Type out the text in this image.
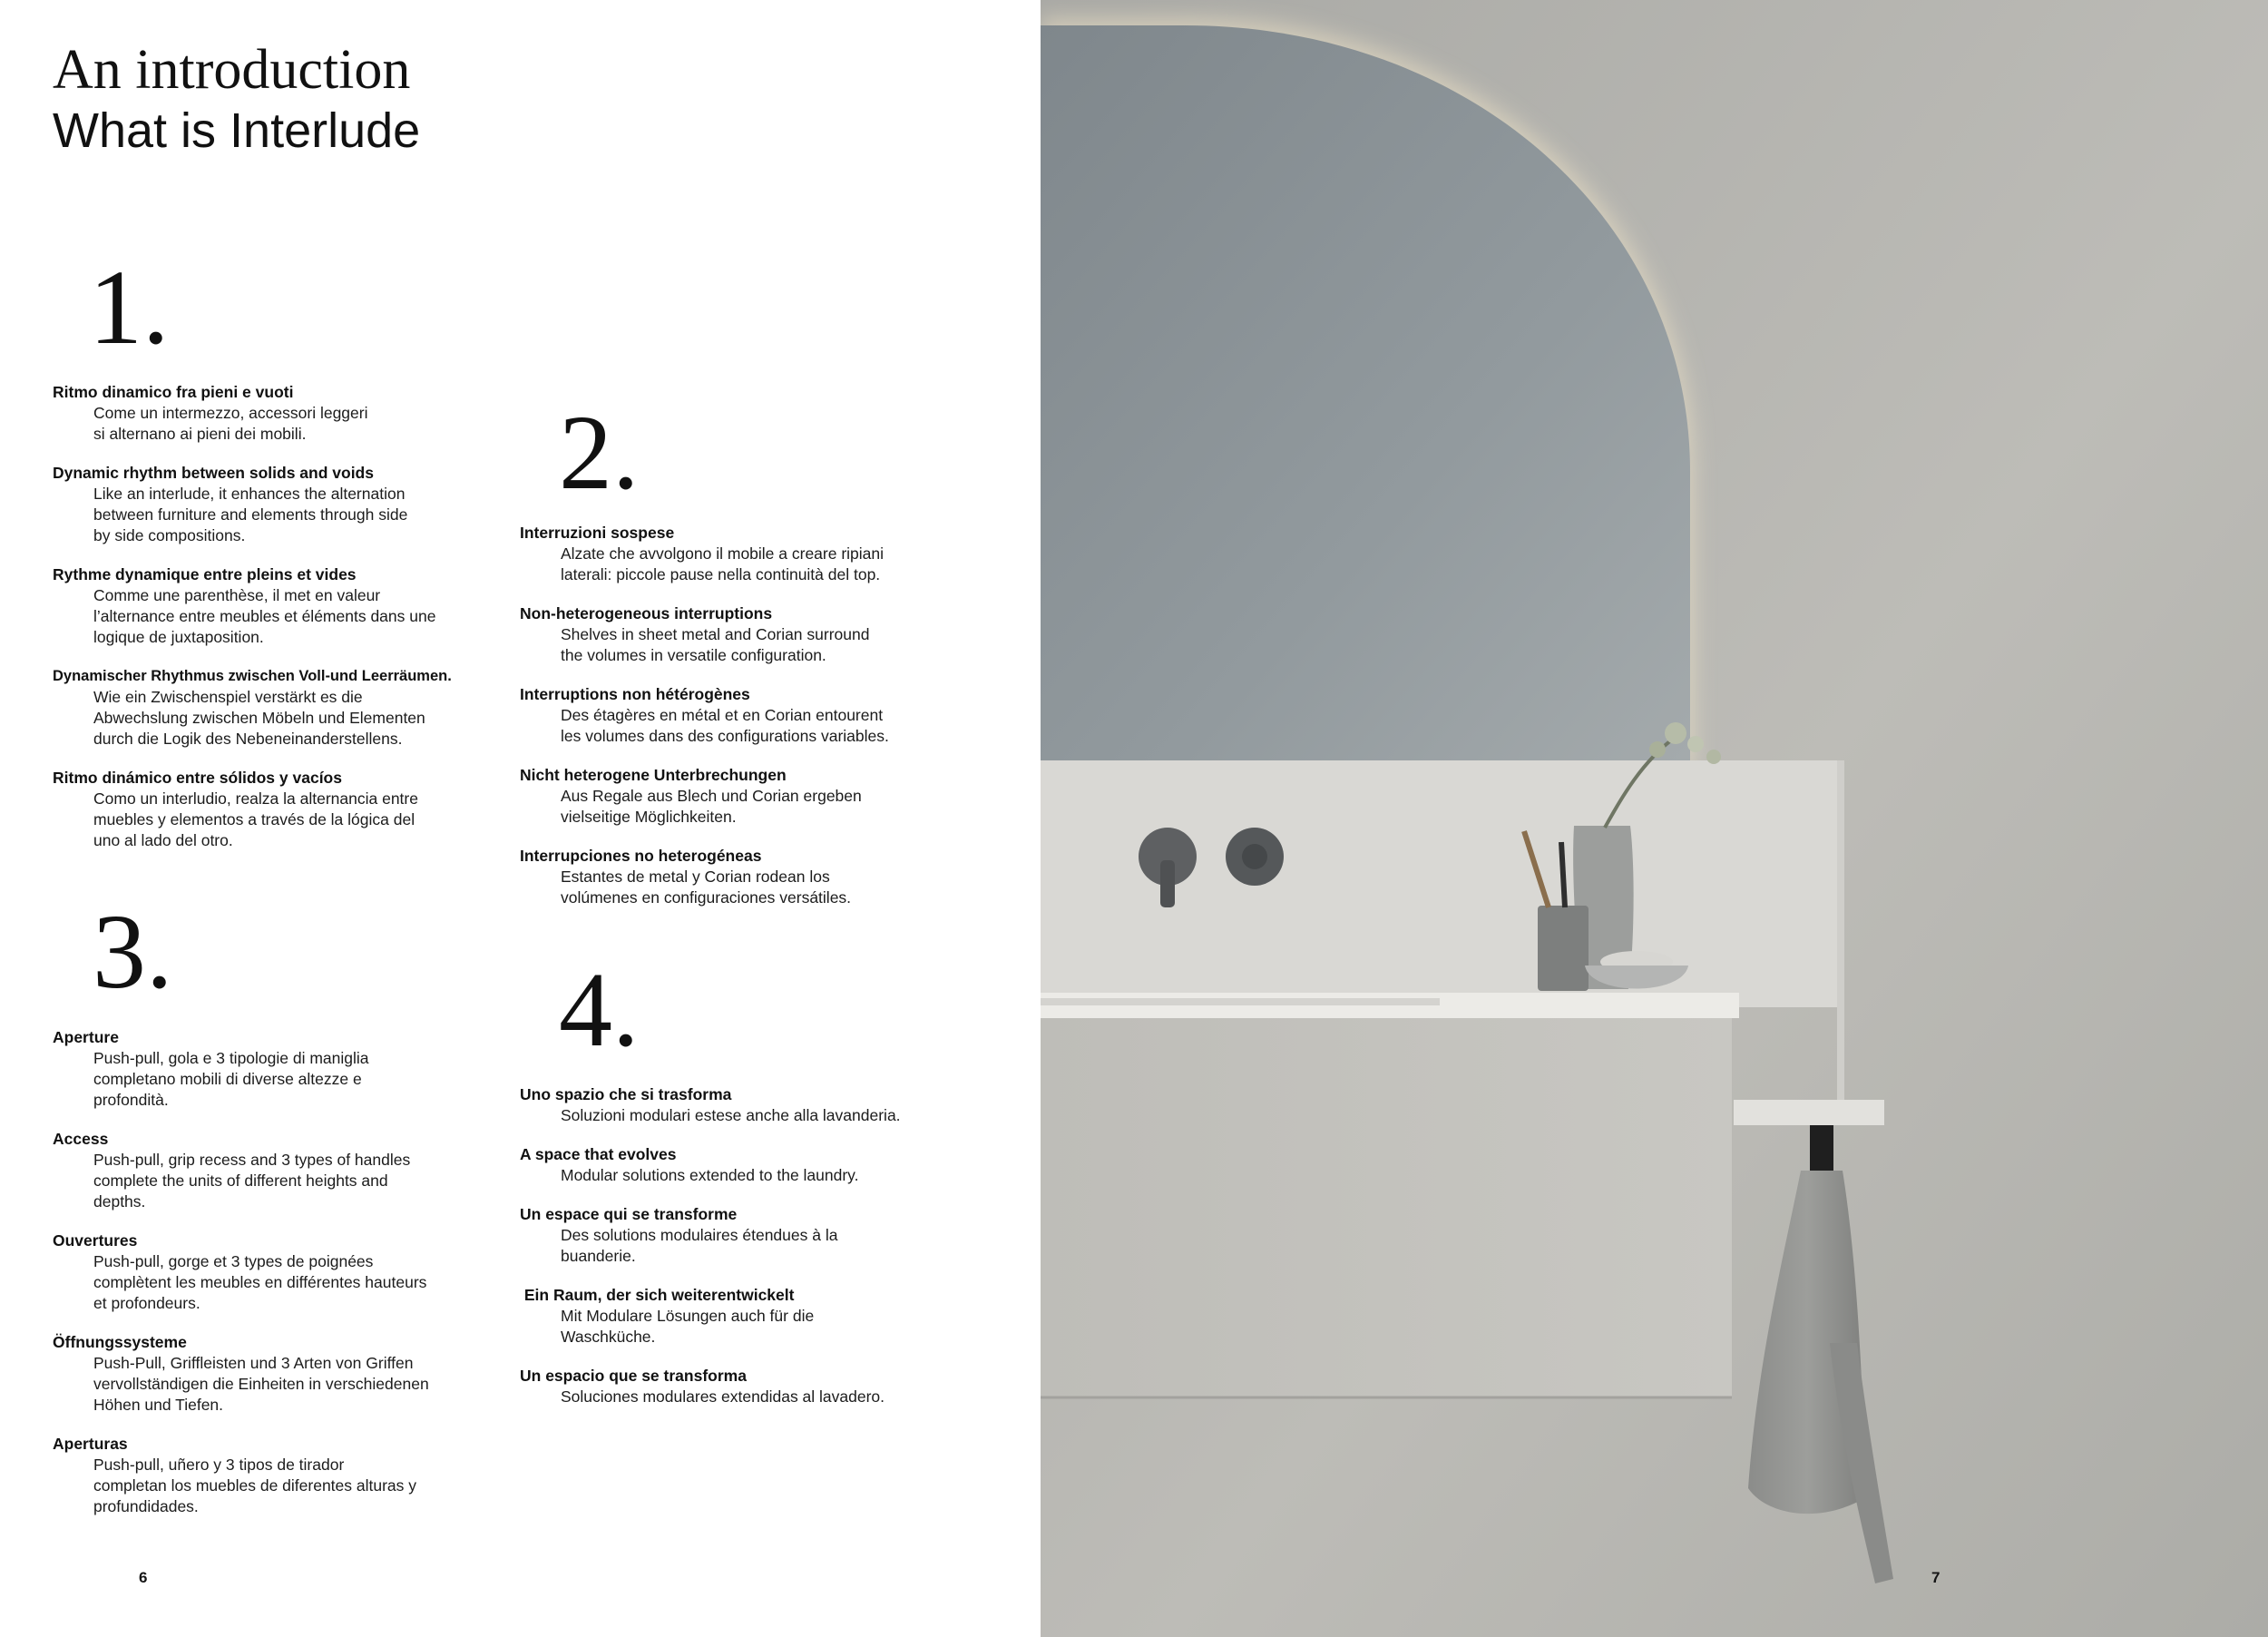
An introduction
What is Interlude

1.

Ritmo dinamico fra pieni e vuoti
Come un intermezzo, accessori leggeri
si alternano ai pieni dei mobili.
Dynamic rhythm between solids and voids
Like an interlude, it enhances the alternation
between furniture and elements through side
by side compositions.
Rythme dynamique entre pleins et vides
Comme une parenthèse, il met en valeur
l’alternance entre meubles et éléments dans une
logique de juxtaposition.
Dynamischer Rhythmus zwischen Voll-und Leerräumen.
Wie ein Zwischenspiel verstärkt es die
Abwechslung zwischen Möbeln und Elementen
durch die Logik des Nebeneinanderstellens.
Ritmo dinámico entre sólidos y vacíos
Como un interludio, realza la alternancia entre
muebles y elementos a través de la lógica del
uno al lado del otro.

2.

Interruzioni sospese
Alzate che avvolgono il mobile a creare ripiani
laterali: piccole pause nella continuità del top.
Non-heterogeneous interruptions
Shelves in sheet metal and Corian surround
the volumes in versatile configuration.
Interruptions non hétérogènes
Des étagères en métal et en Corian entourent
les volumes dans des configurations variables.
Nicht heterogene Unterbrechungen
Aus Regale aus Blech und Corian ergeben
vielseitige Möglichkeiten.
Interrupciones no heterogéneas
Estantes de metal y Corian rodean los
volúmenes en configuraciones versátiles.

3.

Aperture
Push-pull, gola e 3 tipologie di maniglia
completano mobili di diverse altezze e
profondità.
Access
Push-pull, grip recess and 3 types of handles
complete the units of different heights and
depths.
Ouvertures
Push-pull, gorge et 3 types de poignées
complètent les meubles en différentes hauteurs
et profondeurs.
Öffnungssysteme
Push-Pull, Griffleisten und 3 Arten von Griffen
vervollständigen die Einheiten in verschiedenen
Höhen und Tiefen.
Aperturas
Push-pull, uñero y 3 tipos de tirador
completan los muebles de diferentes alturas y
profundidades.

4.

Uno spazio che si trasforma
Soluzioni modulari estese anche alla lavanderia.
A space that evolves
Modular solutions extended to the laundry.
Un espace qui se transforme
Des solutions modulaires étendues à la
buanderie.
Ein Raum, der sich weiterentwickelt
Mit Modulare Lösungen auch für die
Waschküche.
Un espacio que se transforma
Soluciones modulares extendidas al lavadero.
6	7
